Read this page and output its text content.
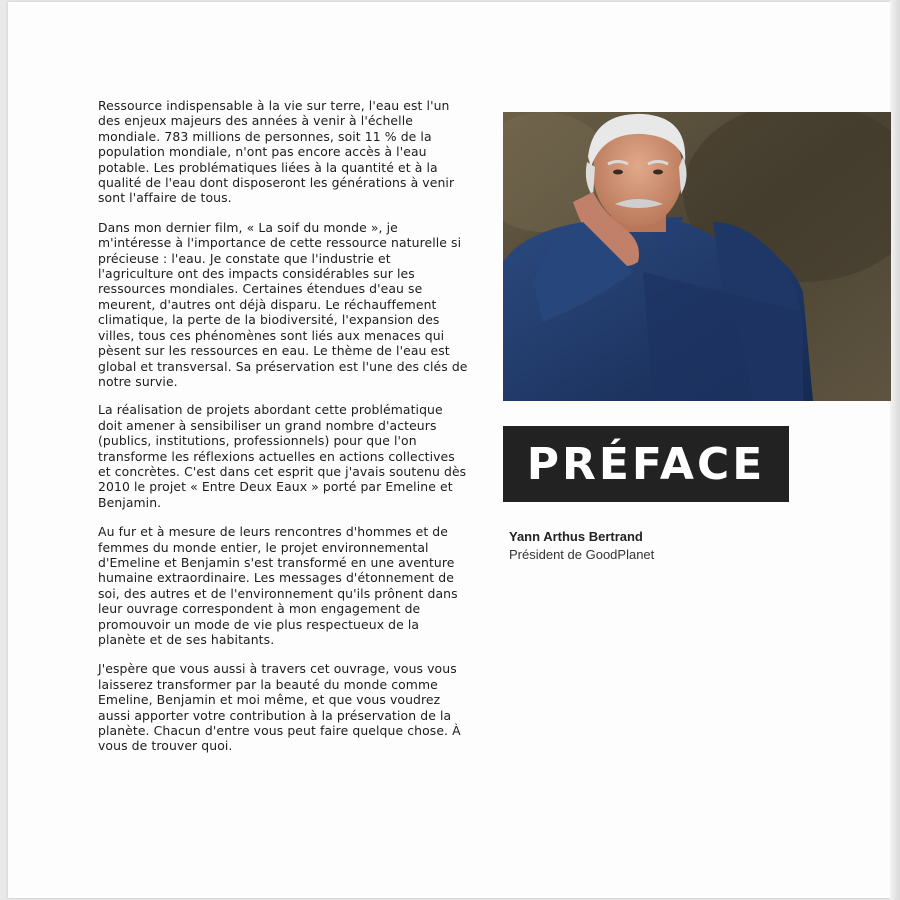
Ressource indispensable à la vie sur terre, l'eau est l'un des enjeux majeurs des années à venir à l'échelle mondiale. 783 millions de personnes, soit 11 % de la population mondiale, n'ont pas encore accès à l'eau potable. Les problématiques liées à la quantité et à la qualité de l'eau dont disposeront les générations à venir sont l'affaire de tous.

Dans mon dernier film, « La soif du monde », je m'intéresse à l'importance de cette ressource naturelle si précieuse : l'eau. Je constate que l'industrie et l'agriculture ont des impacts considérables sur les ressources mondiales. Certaines étendues d'eau se meurent, d'autres ont déjà disparu. Le réchauffement climatique, la perte de la biodiversité, l'expansion des villes, tous ces phénomènes sont liés aux menaces qui pèsent sur les ressources en eau. Le thème de l'eau est global et transversal. Sa préservation est l'une des clés de notre survie.

La réalisation de projets abordant cette problématique doit amener à sensibiliser un grand nombre d'acteurs (publics, institutions, professionnels) pour que l'on transforme les réflexions actuelles en actions collectives et concrètes. C'est dans cet esprit que j'avais soutenu dès 2010 le projet « Entre Deux Eaux » porté par Emeline et Benjamin.

Au fur et à mesure de leurs rencontres d'hommes et de femmes du monde entier, le projet environnemental d'Emeline et Benjamin s'est transformé en une aventure humaine extraordinaire. Les messages d'étonnement de soi, des autres et de l'environnement qu'ils prônent dans leur ouvrage correspondent à mon engagement de promouvoir un mode de vie plus respectueux de la planète et de ses habitants.

J'espère que vous aussi à travers cet ouvrage, vous vous laisserez transformer par la beauté du monde comme Emeline, Benjamin et moi même, et que vous voudrez aussi apporter votre contribution à la préservation de la planète. Chacun d'entre vous peut faire quelque chose. À vous de trouver quoi.

PRÉFACE
Yann Arthus Bertrand
Président de GoodPlanet
